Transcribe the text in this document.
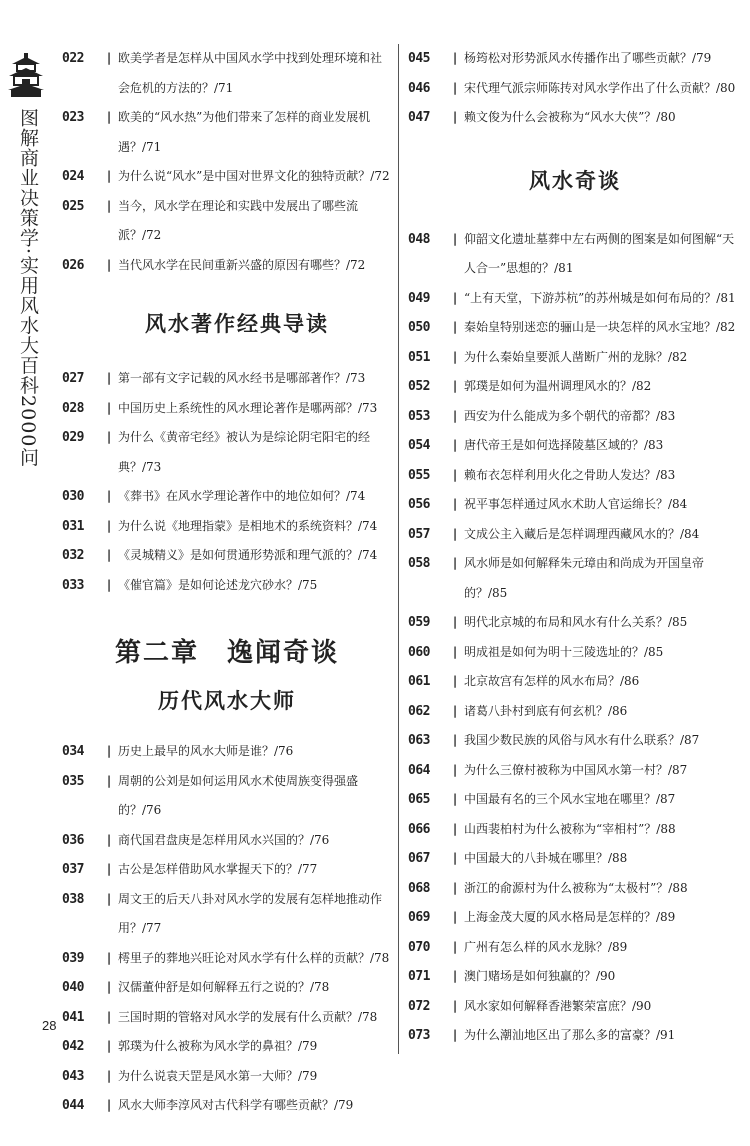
图解商业决策学·实用风水大百科2000问
022	| 欧美学者是怎样从中国风水学中找到处理环境和社会危机的方法的？/71
023	| 欧美的“风水热”为他们带来了怎样的商业发展机遇？/71
024	| 为什么说“风水”是中国对世界文化的独特贡献？/72
025	| 当今，风水学在理论和实践中发展出了哪些流派？/72
026	| 当代风水学在民间重新兴盛的原因有哪些？/72
风水著作经典导读
027	| 第一部有文字记载的风水经书是哪部著作？/73
028	| 中国历史上系统性的风水理论著作是哪两部？/73
029	| 为什么《黄帝宅经》被认为是综论阴宅阳宅的经典？/73
030	| 《葬书》在风水学理论著作中的地位如何？/74
031	| 为什么说《地理指蒙》是相地术的系统资料？/74
032	| 《灵城精义》是如何贯通形势派和理气派的？/74
033	| 《催官篇》是如何论述龙穴砂水？/75
第二章　逸闻奇谈
历代风水大师
034	| 历史上最早的风水大师是谁？/76
035	| 周朝的公刘是如何运用风水术使周族变得强盛的？/76
036	| 商代国君盘庚是怎样用风水兴国的？/76
037	| 古公是怎样借助风水掌握天下的？/77
038	| 周文王的后天八卦对风水学的发展有怎样地推动作用？/77
039	| 樗里子的葬地兴旺论对风水学有什么样的贡献？/78
040	| 汉儒董仲舒是如何解释五行之说的？/78
041	| 三国时期的管辂对风水学的发展有什么贡献？/78
042	| 郭璞为什么被称为风水学的鼻祖？/79
043	| 为什么说袁天罡是风水第一大师？/79
044	| 风水大师李淳风对古代科学有哪些贡献？/79
045	| 杨筠松对形势派风水传播作出了哪些贡献？/79
046	| 宋代理气派宗师陈抟对风水学作出了什么贡献？/80
047	| 赖文俊为什么会被称为“风水大侠”？/80
风水奇谈
048	| 仰韶文化遗址墓葬中左右两侧的图案是如何图解“天人合一”思想的？/81
049	| “上有天堂，下游苏杭”的苏州城是如何布局的？/81
050	| 秦始皇特别迷恋的骊山是一块怎样的风水宝地？/82
051	| 为什么秦始皇要派人凿断广州的龙脉？/82
052	| 郭璞是如何为温州调理风水的？/82
053	| 西安为什么能成为多个朝代的帝都？/83
054	| 唐代帝王是如何选择陵墓区域的？/83
055	| 赖布衣怎样利用火化之骨助人发达？/83
056	| 祝平事怎样通过风水术助人官运绵长？/84
057	| 文成公主入藏后是怎样调理西藏风水的？/84
058	| 风水师是如何解释朱元璋由和尚成为开国皇帝的？/85
059	| 明代北京城的布局和风水有什么关系？/85
060	| 明成祖是如何为明十三陵选址的？/85
061	| 北京故宫有怎样的风水布局？/86
062	| 诸葛八卦村到底有何玄机？/86
063	| 我国少数民族的风俗与风水有什么联系？/87
064	| 为什么三僚村被称为中国风水第一村？/87
065	| 中国最有名的三个风水宝地在哪里？/87
066	| 山西裴柏村为什么被称为“宰相村”？/88
067	| 中国最大的八卦城在哪里？/88
068	| 浙江的俞源村为什么被称为“太极村”？/88
069	| 上海金茂大厦的风水格局是怎样的？/89
070	| 广州有怎么样的风水龙脉？/89
071	| 澳门赌场是如何独赢的？/90
072	| 风水家如何解释香港繁荣富庶？/90
073	| 为什么潮汕地区出了那么多的富豪？/91
28
